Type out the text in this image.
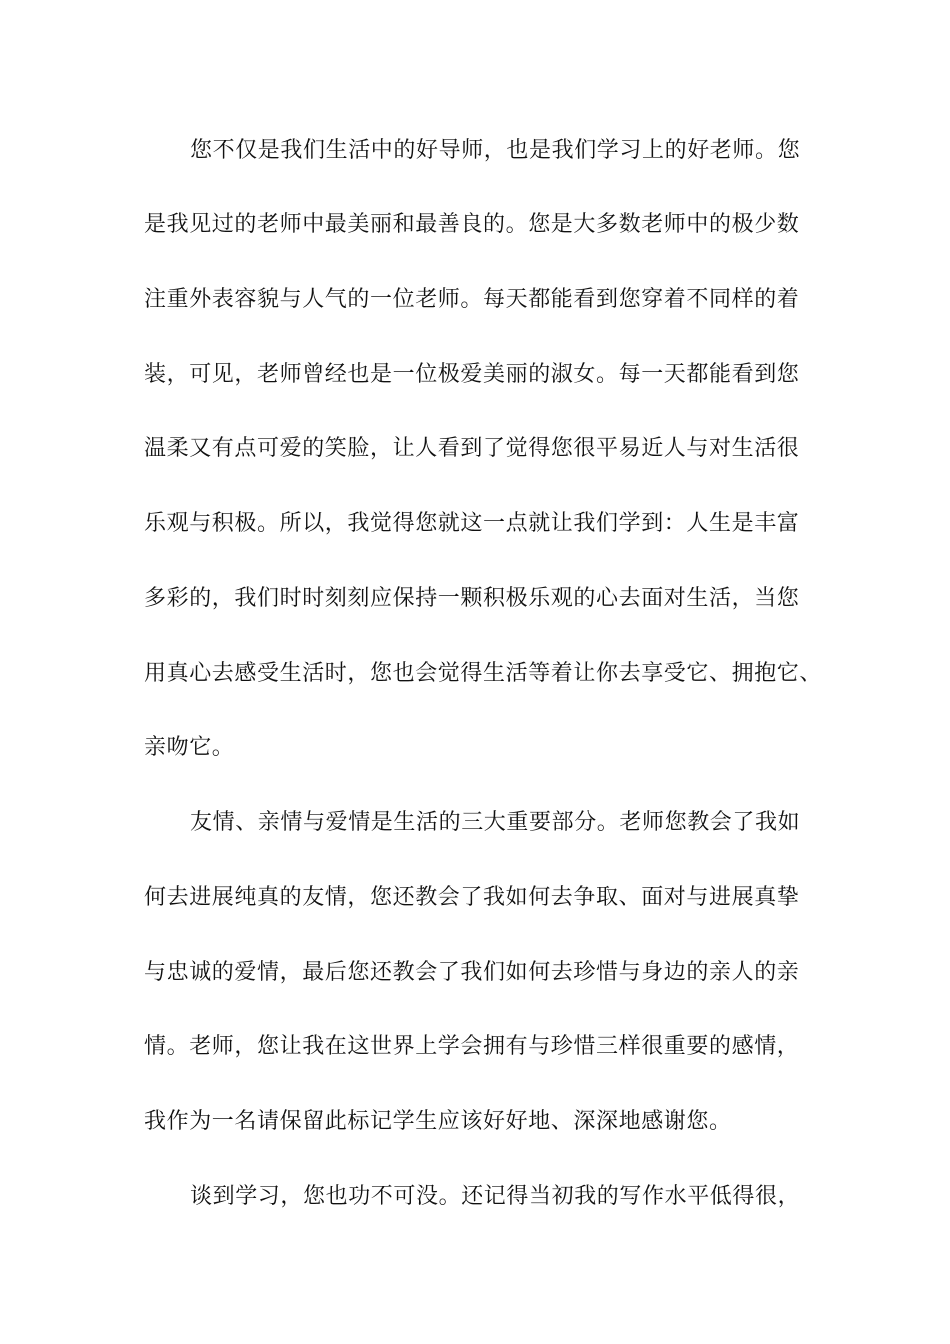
您不仅是我们生活中的好导师，也是我们学习上的好老师。您
是我见过的老师中最美丽和最善良的。您是大多数老师中的极少数
注重外表容貌与人气的一位老师。每天都能看到您穿着不同样的着
装，可见，老师曾经也是一位极爱美丽的淑女。每一天都能看到您
温柔又有点可爱的笑脸，让人看到了觉得您很平易近人与对生活很
乐观与积极。所以，我觉得您就这一点就让我们学到：人生是丰富
多彩的，我们时时刻刻应保持一颗积极乐观的心去面对生活，当您
用真心去感受生活时，您也会觉得生活等着让你去享受它、拥抱它、
亲吻它。
友情、亲情与爱情是生活的三大重要部分。老师您教会了我如
何去进展纯真的友情，您还教会了我如何去争取、面对与进展真挚
与忠诚的爱情，最后您还教会了我们如何去珍惜与身边的亲人的亲
情。老师，您让我在这世界上学会拥有与珍惜三样很重要的感情，
我作为一名请保留此标记学生应该好好地、深深地感谢您。
谈到学习，您也功不可没。还记得当初我的写作水平低得很，
